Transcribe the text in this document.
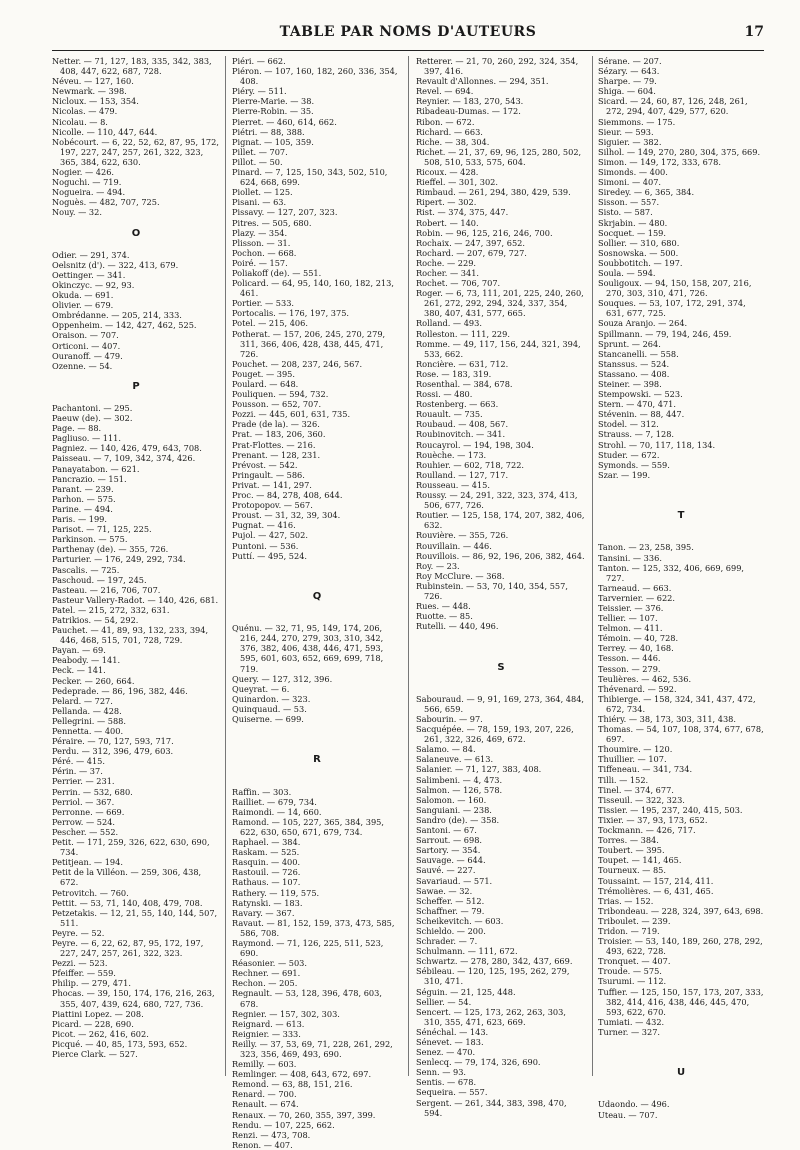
TABLE PAR NOMS D'AUTEURS	17
Netter. — 71, 127, 183, 335, 342, 383, 408, 447, 622, 687, 728.
Néveu. — 127, 160.
Newmark. — 398.
Nicloux. — 153, 354.
Nicolas. — 479.
Nicolau. — 8.
Nicolle. — 110, 447, 644.
Nobécourt. — 6, 22, 52, 62, 87, 95, 172, 197, 227, 247, 257, 261, 322, 323, 365, 384, 622, 630.
Nogier. — 426.
Noguchi. — 719.
Nogueira. — 494.
Noguès. — 482, 707, 725.
Nouy. — 32.

O

Odier. — 291, 374.
Oelsnitz (d'). — 322, 413, 679.
Oettinger. — 341.
Okinczyc. — 92, 93.
Okuda. — 691.
Olivier. — 679.
Ombrédanne. — 205, 214, 333.
Oppenheim. — 142, 427, 462, 525.
Oraison. — 707.
Orticoni. — 407.
Ouranoff. — 479.
Ozenne. — 54.

P

Pachantoni. — 295.
Paeuw (de). — 302.
Page. — 88.
Pagliuso. — 111.
Pagniez. — 140, 426, 479, 643, 708.
Paisseau. — 7, 109, 342, 374, 426.
Panayatabon. — 621.
Pancrazio. — 151.
Parant. — 239.
Parhon. — 575.
Parine. — 494.
Paris. — 199.
Parisot. — 71, 125, 225.
Parkinson. — 575.
Parthenay (de). — 355, 726.
Parturier. — 176, 249, 292, 734.
Pascalis. — 725.
Paschoud. — 197, 245.
Pasteau. — 216, 706, 707.
Pasteur Vallery-Radot. — 140, 426, 681.
Patel. — 215, 272, 332, 631.
Patrikios. — 54, 292.
Pauchet. — 41, 89, 93, 132, 233, 394, 446, 468, 515, 701, 728, 729.
Payan. — 69.
Peabody. — 141.
Peck. — 141.
Pecker. — 260, 664.
Pedeprade. — 86, 196, 382, 446.
Pelard. — 727.
Pellanda. — 428.
Pellegrini. — 588.
Pennetta. — 400.
Péraire. — 70, 127, 593, 717.
Perdu. — 312, 396, 479, 603.
Péré. — 415.
Périn. — 37.
Perrier. — 231.
Perrin. — 532, 680.
Perriol. — 367.
Perronne. — 669.
Perrow. — 524.
Pescher. — 552.
Petit. — 171, 259, 326, 622, 630, 690, 734.
Petitjean. — 194.
Petit de la Villéon. — 259, 306, 438, 672.
Petrovitch. — 760.
Pettit. — 53, 71, 140, 408, 479, 708.
Petzetakis. — 12, 21, 55, 140, 144, 507, 511.
Peyre. — 52.
Peyre. — 6, 22, 62, 87, 95, 172, 197, 227, 247, 257, 261, 322, 323.
Pezzi. — 523.
Pfeiffer. — 559.
Philip. — 279, 471.
Phocas. — 39, 150, 174, 176, 216, 263, 355, 407, 439, 624, 680, 727, 736.
Piattini Lopez. — 208.
Picard. — 228, 690.
Picot. — 262, 416, 602.
Picqué. — 40, 85, 173, 593, 652.
Pierce Clark. — 527.
Piéri. — 662.
Piéron. — 107, 160, 182, 260, 336, 354, 408.
Piéry. — 511.
Pierre-Marie. — 38.
Pierre-Robin. — 35.
Pierret. — 460, 614, 662.
Piétri. — 88, 388.
Pignat. — 105, 359.
Pillet. — 707.
Pillot. — 50.
Pinard. — 7, 125, 150, 343, 502, 510, 624, 668, 699.
Piollet. — 125.
Pisani. — 63.
Pissavy. — 127, 207, 323.
Pitres. — 505, 680.
Plazy. — 354.
Plisson. — 31.
Pochon. — 668.
Poiré. — 157.
Poliakoff (de). — 551.
Policard. — 64, 95, 140, 160, 182, 213, 461.
Portier. — 533.
Portocalis. — 176, 197, 375.
Potel. — 215, 406.
Potherat. — 157, 206, 245, 270, 279, 311, 366, 406, 428, 438, 445, 471, 726.
Pouchet. — 208, 237, 246, 567.
Pouget. — 395.
Poulard. — 648.
Pouliquen. — 594, 732.
Pousson. — 652, 707.
Pozzi. — 445, 601, 631, 735.
Prade (de la). — 326.
Prat. — 183, 206, 360.
Prat-Flottes. — 216.
Prenant. — 128, 231.
Prévost. — 542.
Pringault. — 586.
Privat. — 141, 297.
Proc. — 84, 278, 408, 644.
Protopopov. — 567.
Proust. — 31, 32, 39, 304.
Pugnat. — 416.
Pujol. — 427, 502.
Puntoni. — 536.
Puttí. — 495, 524.

Q

Quénu. — 32, 71, 95, 149, 174, 206, 216, 244, 270, 279, 303, 310, 342, 376, 382, 406, 438, 446, 471, 593, 595, 601, 603, 652, 669, 699, 718, 719.
Query. — 127, 312, 396.
Queyrat. — 6.
Quinardon. — 323.
Quinquaud. — 53.
Quiserne. — 699.

R

Raffin. — 303.
Railliet. — 679, 734.
Raimondi. — 14, 660.
Ramond. — 105, 227, 365, 384, 395, 622, 630, 650, 671, 679, 734.
Raphael. — 384.
Raskam. — 525.
Rasquin. — 400.
Rastouil. — 726.
Rathaus. — 107.
Rathery. — 119, 575.
Ratynski. — 183.
Ravary. — 367.
Ravaut. — 81, 152, 159, 373, 473, 585, 586, 708.
Raymond. — 71, 126, 225, 511, 523, 690.
Réasonier. — 503.
Rechner. — 691.
Rechon. — 205.
Regnault. — 53, 128, 396, 478, 603, 678.
Regnier. — 157, 302, 303.
Reignard. — 613.
Reignier. — 333.
Reilly. — 37, 53, 69, 71, 228, 261, 292, 323, 356, 469, 493, 690.
Remilly. — 603.
Remlinger. — 408, 643, 672, 697.
Remond. — 63, 88, 151, 216.
Renard. — 700.
Renault. — 674.
Renaux. — 70, 260, 355, 397, 399.
Rendu. — 107, 225, 662.
Renzi. — 473, 708.
Renon. — 407.
Retterer. — 21, 70, 260, 292, 324, 354, 397, 416.
Revault d'Allonnes. — 294, 351.
Revel. — 694.
Reynier. — 183, 270, 543.
Ribadeau-Dumas. — 172.
Ribon. — 672.
Richard. — 663.
Riche. — 38, 304.
Richet. — 21, 37, 69, 96, 125, 280, 502, 508, 510, 533, 575, 604.
Ricoux. — 428.
Rieffel. — 301, 302.
Rimbaud. — 261, 294, 380, 429, 539.
Ripert. — 302.
Rist. — 374, 375, 447.
Robert. — 140.
Robin. — 96, 125, 216, 246, 700.
Rochaix. — 247, 397, 652.
Rochard. — 207, 679, 727.
Roche. — 229.
Rocher. — 341.
Rochet. — 706, 707.
Roger. — 6, 73, 111, 201, 225, 240, 260, 261, 272, 292, 294, 324, 337, 354, 380, 407, 431, 577, 665.
Rolland. — 493.
Rolleston. — 111, 229.
Romme. — 49, 117, 156, 244, 321, 394, 533, 662.
Roncière. — 631, 712.
Rose. — 183, 319.
Rosenthal. — 384, 678.
Rossi. — 480.
Rostenberg. — 663.
Rouault. — 735.
Roubaud. — 408, 567.
Roubinovitch. — 341.
Roucayrol. — 194, 198, 304.
Rouèche. — 173.
Rouhier. — 602, 718, 722.
Roulland. — 127, 717.
Rousseau. — 415.
Roussy. — 24, 291, 322, 323, 374, 413, 506, 677, 726.
Routier. — 125, 158, 174, 207, 382, 406, 632.
Rouvière. — 355, 726.
Rouvillain. — 446.
Rouvillois. — 86, 92, 196, 206, 382, 464.
Roy. — 23.
Roy McClure. — 368.
Rubinstein. — 53, 70, 140, 354, 557, 726.
Rues. — 448.
Ruotte. — 85.
Rutelli. — 440, 496.

S

Sabouraud. — 9, 91, 169, 273, 364, 484, 566, 659.
Sabourin. — 97.
Sacquépée. — 78, 159, 193, 207, 226, 261, 322, 326, 469, 672.
Salamo. — 84.
Salaneuve. — 613.
Salanier. — 71, 127, 383, 408.
Salimbeni. — 4, 473.
Salmon. — 126, 578.
Salomon. — 160.
Sanguiani. — 238.
Sandro (de). — 358.
Santoni. — 67.
Sarrout. — 698.
Sartory. — 354.
Sauvage. — 644.
Sauvé. — 227.
Savariaud. — 571.
Sawae. — 32.
Scheffer. — 512.
Schaffner. — 79.
Scheikevitch. — 603.
Schieldo. — 200.
Schrader. — 7.
Schulmann. — 111, 672.
Schwartz. — 278, 280, 342, 437, 669.
Sébileau. — 120, 125, 195, 262, 279, 310, 471.
Séguin. — 21, 125, 448.
Sellier. — 54.
Sencert. — 125, 173, 262, 263, 303, 310, 355, 471, 623, 669.
Sénéchal. — 143.
Sénevet. — 183.
Senez. — 470.
Senlecq. — 79, 174, 326, 690.
Senn. — 93.
Sentis. — 678.
Sequeira. — 557.
Sergent. — 261, 344, 383, 398, 470, 594.
Sérane. — 207.
Sézary. — 643.
Sharpe. — 79.
Shiga. — 604.
Sicard. — 24, 60, 87, 126, 248, 261, 272, 294, 407, 429, 577, 620.
Siemmons. — 175.
Sieur. — 593.
Siguier. — 382.
Silhol. — 149, 270, 280, 304, 375, 669.
Simon. — 149, 172, 333, 678.
Simonds. — 400.
Simoni. — 407.
Siredey. — 6, 365, 384.
Sisson. — 557.
Sisto. — 587.
Skrjabin. — 480.
Socquet. — 159.
Sollier. — 310, 680.
Sosnowska. — 500.
Soubbotitch. — 197.
Soula. — 594.
Souligoux. — 94, 150, 158, 207, 216, 270, 303, 310, 471, 726.
Souques. — 53, 107, 172, 291, 374, 631, 677, 725.
Souza Aranjo. — 264.
Spillmann. — 79, 194, 246, 459.
Sprunt. — 264.
Stancanelli. — 558.
Stanssus. — 524.
Stassano. — 408.
Steiner. — 398.
Stempowski. — 523.
Stern. — 470, 471.
Stévenin. — 88, 447.
Stodel. — 312.
Strauss. — 7, 128.
Strohl. — 70, 117, 118, 134.
Studer. — 672.
Symonds. — 559.
Szar. — 199.

T

Tanon. — 23, 258, 395.
Tansini. — 336.
Tanton. — 125, 332, 406, 669, 699, 727.
Tarneaud. — 663.
Tarvernier. — 622.
Teissier. — 376.
Tellier. — 107.
Telmon. — 411.
Témoin. — 40, 728.
Terrey. — 40, 168.
Tesson. — 446.
Tesson. — 279.
Teulières. — 462, 536.
Thévenard. — 592.
Thibierge. — 158, 324, 341, 437, 472, 672, 734.
Thiéry. — 38, 173, 303, 311, 438.
Thomas. — 54, 107, 108, 374, 677, 678, 697.
Thoumire. — 120.
Thuillier. — 107.
Tiffeneau. — 341, 734.
Tilli. — 152.
Tinel. — 374, 677.
Tisseuil. — 322, 323.
Tissier. — 195, 237, 240, 415, 503.
Tixier. — 37, 93, 173, 652.
Tockmann. — 426, 717.
Torres. — 384.
Toubert. — 395.
Toupet. — 141, 465.
Tourneux. — 85.
Toussaint. — 157, 214, 411.
Trémolières. — 6, 431, 465.
Trias. — 152.
Tribondeau. — 228, 324, 397, 643, 698.
Triboulet. — 239.
Tridon. — 719.
Troisier. — 53, 140, 189, 260, 278, 292, 493, 622, 728.
Tronquet. — 407.
Troude. — 575.
Tsurumi. — 112.
Tuffier. — 125, 150, 157, 173, 207, 333, 382, 414, 416, 438, 446, 445, 470, 593, 622, 670.
Tumiati. — 432.
Turner. — 327.

U

Udaondo. — 496.
Uteau. — 707.
